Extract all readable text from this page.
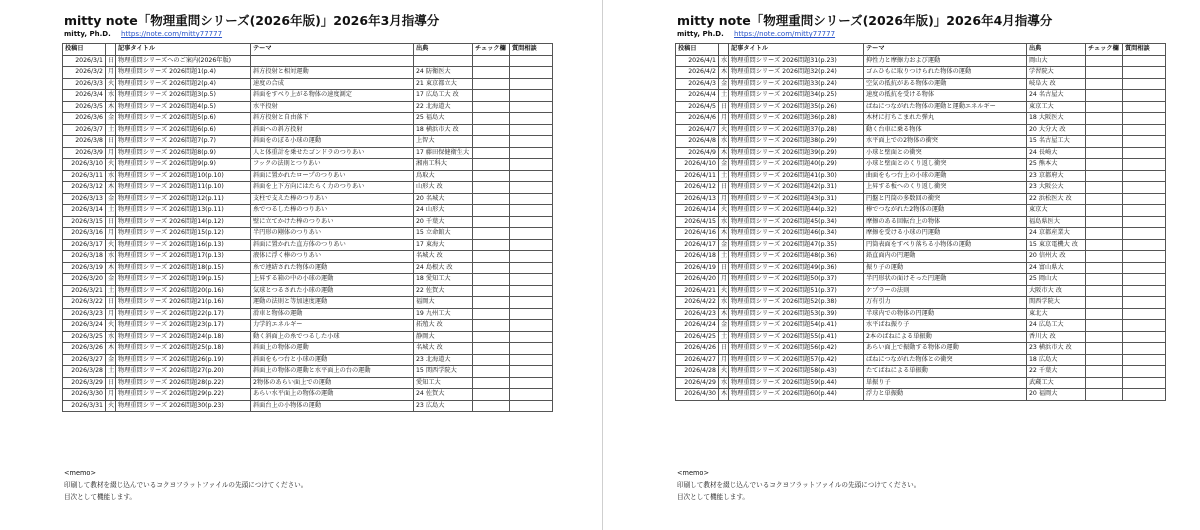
mitty note「物理重問シリーズ(2026年版)」2026年3月指導分
mitty, Ph.D. https://note.com/mitty77777
投稿日		記事タイトル	テーマ	出典	チェック欄	質問相談
2026/3/1	日	物理重問シリーズへのご案内(2026年版)				
2026/3/2	月	物理重問シリーズ 2026問題1(p.4)	斜方投射と相対運動	24 防衛医大		
2026/3/3	火	物理重問シリーズ 2026問題2(p.4)	速度の合成	21 東京都立大		
2026/3/4	水	物理重問シリーズ 2026問題3(p.5)	斜面をすべり上がる物体の速度測定	17 広島工大 改		
2026/3/5	木	物理重問シリーズ 2026問題4(p.5)	水平投射	22 北海道大		
2026/3/6	金	物理重問シリーズ 2026問題5(p.6)	斜方投射と自由落下	25 福島大		
2026/3/7	土	物理重問シリーズ 2026問題6(p.6)	斜面への斜方投射	18 横浜市大 改		
2026/3/8	日	物理重問シリーズ 2026問題7(p.7)	斜面をのぼる小球の運動	上智大		
2026/3/9	月	物理重問シリーズ 2026問題8(p.9)	人と体重計を乗せたゴンドラのつりあい	17 藤田保健衛生大		
2026/3/10	火	物理重問シリーズ 2026問題9(p.9)	フックの法則とつりあい	湘南工科大		
2026/3/11	水	物理重問シリーズ 2026問題10(p.10)	斜面に置かれたロープのつりあい	鳥取大		
2026/3/12	木	物理重問シリーズ 2026問題11(p.10)	斜面を上下方向にはたらく力のつりあい	山形大 改		
2026/3/13	金	物理重問シリーズ 2026問題12(p.11)	支柱で支えた棒のつりあい	20 名城大		
2026/3/14	土	物理重問シリーズ 2026問題13(p.11)	糸でつるした棒のつりあい	24 山形大		
2026/3/15	日	物理重問シリーズ 2026問題14(p.12)	壁に立てかけた棒のつりあい	20 千葉大		
2026/3/16	月	物理重問シリーズ 2026問題15(p.12)	半円形の剛体のつりあい	15 立命館大		
2026/3/17	火	物理重問シリーズ 2026問題16(p.13)	斜面に置かれた直方体のつりあい	17 東海大		
2026/3/18	水	物理重問シリーズ 2026問題17(p.13)	液体に浮く棒のつりあい	名城大 改		
2026/3/19	木	物理重問シリーズ 2026問題18(p.15)	糸で連結された物体の運動	24 島根大 改		
2026/3/20	金	物理重問シリーズ 2026問題19(p.15)	上昇する箱の中の小球の運動	18 愛知工大		
2026/3/21	土	物理重問シリーズ 2026問題20(p.16)	気球とつるされた小球の運動	22 佐賀大		
2026/3/22	日	物理重問シリーズ 2026問題21(p.16)	運動の法則と等加速度運動	福岡大		
2026/3/23	月	物理重問シリーズ 2026問題22(p.17)	滑車と物体の運動	19 九州工大		
2026/3/24	火	物理重問シリーズ 2026問題23(p.17)	力学的エネルギー	拓殖大 改		
2026/3/25	水	物理重問シリーズ 2026問題24(p.18)	動く斜面上の糸でつるした小球	静岡大		
2026/3/26	木	物理重問シリーズ 2026問題25(p.18)	斜面上の物体の運動	名城大 改		
2026/3/27	金	物理重問シリーズ 2026問題26(p.19)	斜面をもつ台と小球の運動	23 北海道大		
2026/3/28	土	物理重問シリーズ 2026問題27(p.20)	斜面上の物体の運動と水平面上の台の運動	15 関西学院大		
2026/3/29	日	物理重問シリーズ 2026問題28(p.22)	2物体のあらい面上での運動	愛知工大		
2026/3/30	月	物理重問シリーズ 2026問題29(p.22)	あらい水平面上の物体の運動	24 佐賀大		
2026/3/31	火	物理重問シリーズ 2026問題30(p.23)	斜面台上の小物体の運動	23 広島大		
<memo>
印刷して教材を綴じ込んでいるコクヨフラットファイルの先頭につけてください。
目次として機能します。
mitty note「物理重問シリーズ(2026年版)」2026年4月指導分
mitty, Ph.D. https://note.com/mitty77777
投稿日		記事タイトル	テーマ	出典	チェック欄	質問相談
2026/4/1	水	物理重問シリーズ 2026問題31(p.23)	抑性力と摩擦力および運動	岡山大		
2026/4/2	木	物理重問シリーズ 2026問題32(p.24)	ゴムひもに取りつけられた物体の運動	学習院大		
2026/4/3	金	物理重問シリーズ 2026問題33(p.24)	空気の抵抗がある物体の運動	岐阜大 改		
2026/4/4	土	物理重問シリーズ 2026問題34(p.25)	速度の抵抗を受ける物体	24 名古屋大		
2026/4/5	日	物理重問シリーズ 2026問題35(p.26)	ばねにつながれた物体の運動と運動エネルギー	東京工大		
2026/4/6	月	物理重問シリーズ 2026問題36(p.28)	木材に打ちこまれた弾丸	18 大阪医大		
2026/4/7	火	物理重問シリーズ 2026問題37(p.28)	動く台車に乗る物体	20 大分大 改		
2026/4/8	水	物理重問シリーズ 2026問題38(p.29)	水平面上での2物体の衝突	15 名古屋工大		
2026/4/9	木	物理重問シリーズ 2026問題39(p.29)	小球と壁面との衝突	24 長崎大		
2026/4/10	金	物理重問シリーズ 2026問題40(p.29)	小球と壁面とのくり返し衝突	25 熊本大		
2026/4/11	土	物理重問シリーズ 2026問題41(p.30)	曲面をもつ台上の小球の運動	23 京都府大		
2026/4/12	日	物理重問シリーズ 2026問題42(p.31)	上昇する板へのくり返し衝突	23 大阪公大		
2026/4/13	月	物理重問シリーズ 2026問題43(p.31)	円盤と円筒の多数回の衝突	22 浜松医大 改		
2026/4/14	火	物理重問シリーズ 2026問題44(p.32)	棒でつながれた2物体の運動	東京大		
2026/4/15	水	物理重問シリーズ 2026問題45(p.34)	摩擦のある回転台上の物体	福島県医大		
2026/4/16	木	物理重問シリーズ 2026問題46(p.34)	摩擦を受ける小球の円運動	24 京都産業大		
2026/4/17	金	物理重問シリーズ 2026問題47(p.35)	円筒表面をすべり落ちる小物体の運動	15 東京電機大 改		
2026/4/18	土	物理重問シリーズ 2026問題48(p.36)	鉛直面内の円運動	20 信州大 改		
2026/4/19	日	物理重問シリーズ 2026問題49(p.36)	振り子の運動	24 富山県大		
2026/4/20	月	物理重問シリーズ 2026問題50(p.37)	半円形状の面けそった円運動	25 岡山大		
2026/4/21	火	物理重問シリーズ 2026問題51(p.37)	ケプラーの法則	大阪市大 改		
2026/4/22	水	物理重問シリーズ 2026問題52(p.38)	万有引力	関西学院大		
2026/4/23	木	物理重問シリーズ 2026問題53(p.39)	半球内での物体の円運動	東北大		
2026/4/24	金	物理重問シリーズ 2026問題54(p.41)	水平ばね振り子	24 広島工大		
2026/4/25	土	物理重問シリーズ 2026問題55(p.41)	2本のばねによる単振動	香川大 改		
2026/4/26	日	物理重問シリーズ 2026問題56(p.42)	あらい面上で振動する物体の運動	23 横浜市大 改		
2026/4/27	月	物理重問シリーズ 2026問題57(p.42)	ばねにつながれた物体との衝突	18 広島大		
2026/4/28	火	物理重問シリーズ 2026問題58(p.43)	たてばねによる単振動	22 千葉大		
2026/4/29	水	物理重問シリーズ 2026問題59(p.44)	単振り子	武蔵工大		
2026/4/30	木	物理重問シリーズ 2026問題60(p.44)	浮力と単振動	20 福岡大		
<memo>
印刷して教材を綴じ込んでいるコクヨフラットファイルの先頭につけてください。
目次として機能します。
